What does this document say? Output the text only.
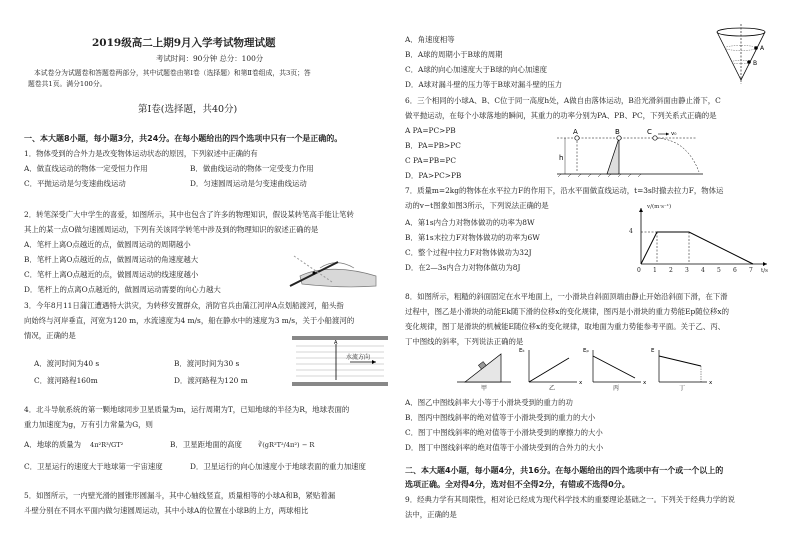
2019级高二上期9月入学考试物理试题
考试时间：90分钟 总分：100分
本试卷分为试题卷和答题卷两部分，其中试题卷由第Ⅰ卷（选择题）和第Ⅱ卷组成，共3页；答
题卷共1页。满分100分。
第Ⅰ卷(选择题，共40分)
一、本大题8小题，每小题3分，共24分。在每小题给出的四个选项中只有一个是正确的。
1．物体受到的合外力是改变物体运动状态的原因，下列叙述中正确的有
A．做直线运动的物体一定受恒力作用	B．做曲线运动的物体一定受变力作用
C．平抛运动是匀变速曲线运动	D．匀速圆周运动是匀变速曲线运动
2．转笔深受广大中学生的喜爱，如图所示，其中也包含了许多的物理知识，假设某转笔高手能让笔转
其上的某一点O做匀速圆周运动，下列有关该同学转笔中涉及到的物理知识的叙述正确的是
A．笔杆上离O点越近的点，做圆周运动的周期越小
B．笔杆上离O点越近的点，做圆周运动的角速度越大
C．笔杆上离O点越近的点，做圆周运动的线速度越小
D．笔杆上的点离O点越近的，做圆周运动需要的向心力越大
3．今年8月11日蒲江遭遇特大洪灾，为转移安置群众，消防官兵由蒲江河岸A点划船渡河，船头指
向始终与河岸垂直，河宽为120 m，水流速度为4 m/s，船在静水中的速度为3 m/s，关于小船渡河的
情况，正确的是
A．渡河时间为40 s	B．渡河时间为30 s
C．渡河路程160m	D．渡河路程为120 m
A
水流方向
4．北斗导航系统的第一颗地球同步卫星质量为m，运行周期为T，已知地球的半径为R，地球表面的
重力加速度为g，万有引力常量为G，则
A．地球的质量为 4π²R³/GT²	B．卫星距地面的高度 ∛(gR²T²/4π²) − R
C．卫星运行的速度大于地球第一宇宙速度	D．卫星运行的向心加速度小于地球表面的重力加速度
5．如图所示，一内壁光滑的圆锥形圆漏斗，其中心轴线竖直，质量相等的小球A和B，紧贴着漏
斗壁分别在不同水平面内做匀速圆周运动，其中小球A的位置在小球B的上方，两球相比
A．角速度相等
B．A球的周期小于B球的周期
C．A球的向心加速度大于B球的向心加速度
D．A球对漏斗壁的压力等于B球对漏斗壁的压力
A
B
6．三个相同的小球A、B、C位于同一高度h处，A做自由落体运动，B沿光滑斜面由静止滑下，C
做平抛运动，在每个小球落地的瞬间，其重力的功率分别为PA、PB、PC，下列关系式正确的是
A PA=PC>PB
B．PA=PB>PC
C PA=PB=PC
D．PA>PC>PB
A	B	C	v₀
h
7．质量m=2kg的物体在水平拉力F的作用下，沿水平面做直线运动，t=3s时撤去拉力F，物体运
动的v−t图象如图3所示，下列说法正确的是
A．第1s内合力对物体做功的功率为8W
B．第1s末拉力F对物体做功的功率为6W
C．整个过程中拉力F对物体做功为32J
D．在2—3s内合力对物体做功为8J
v/(m·s⁻¹)
4
t/s
0 1 2 3 4 5 6 7
8．如图所示，粗糙的斜面固定在水平地面上，一小滑块自斜面顶端由静止开始沿斜面下滑，在下滑
过程中，图乙是小滑块的动能Ek随下滑的位移x的变化规律，图丙是小滑块的重力势能Ep随位移x的
变化规律，图丁是滑块的机械能E随位移x的变化规律，取地面为重力势能参考平面。关于乙、丙、
丁中图线的斜率，下列说法正确的是
Eₖ	Eₚ	E
x	x	x
甲	乙	丙	丁
A．图乙中图线斜率大小等于小滑块受到的重力的功
B．图丙中图线斜率的绝对值等于小滑块受到的重力的大小
C．图丁中图线斜率的绝对值等于小滑块受到的摩擦力的大小
D．图丁中图线斜率的绝对值等于小滑块受到的合外力的大小
二、本大题4小题，每小题4分，共16分。在每小题给出的四个选项中有一个或一个以上的
选项正确。全对得4分，选对但不全得2分，有错或不选得0分。
9．经典力学有其局限性，相对论已经成为现代科学技术的重要理论基础之一。下列关于经典力学的说
法中，正确的是
